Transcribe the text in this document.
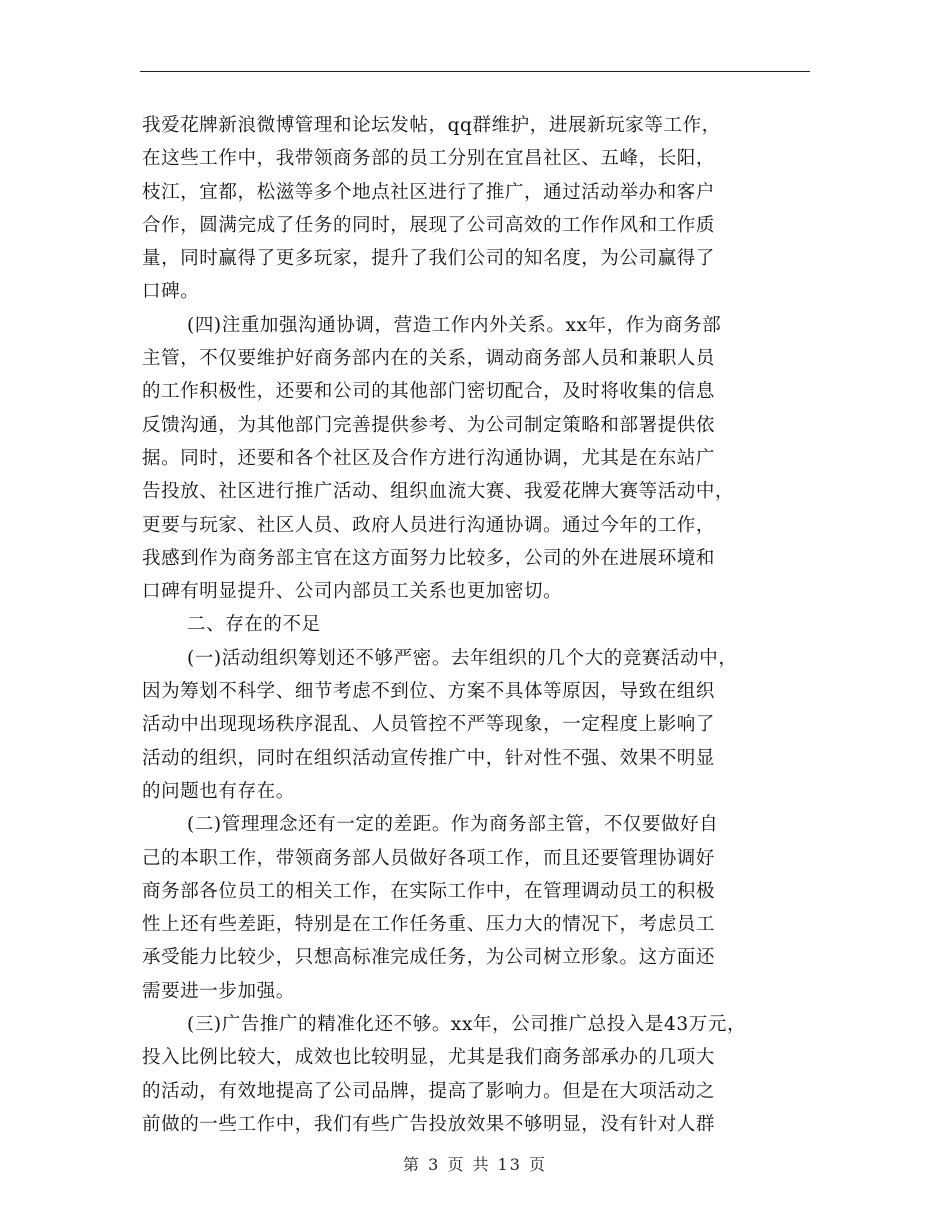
我爱花牌新浪微博管理和论坛发帖，qq群维护，进展新玩家等工作，
在这些工作中，我带领商务部的员工分别在宜昌社区、五峰，长阳，
枝江，宜都，松滋等多个地点社区进行了推广，通过活动举办和客户
合作，圆满完成了任务的同时，展现了公司高效的工作作风和工作质
量，同时赢得了更多玩家，提升了我们公司的知名度，为公司赢得了
口碑。
(四)注重加强沟通协调，营造工作内外关系。xx年，作为商务部
主管，不仅要维护好商务部内在的关系，调动商务部人员和兼职人员
的工作积极性，还要和公司的其他部门密切配合，及时将收集的信息
反馈沟通，为其他部门完善提供参考、为公司制定策略和部署提供依
据。同时，还要和各个社区及合作方进行沟通协调，尤其是在东站广
告投放、社区进行推广活动、组织血流大赛、我爱花牌大赛等活动中，
更要与玩家、社区人员、政府人员进行沟通协调。通过今年的工作，
我感到作为商务部主官在这方面努力比较多，公司的外在进展环境和
口碑有明显提升、公司内部员工关系也更加密切。
二、存在的不足
(一)活动组织筹划还不够严密。去年组织的几个大的竞赛活动中，
因为筹划不科学、细节考虑不到位、方案不具体等原因，导致在组织
活动中出现现场秩序混乱、人员管控不严等现象，一定程度上影响了
活动的组织，同时在组织活动宣传推广中，针对性不强、效果不明显
的问题也有存在。
(二)管理理念还有一定的差距。作为商务部主管，不仅要做好自
己的本职工作，带领商务部人员做好各项工作，而且还要管理协调好
商务部各位员工的相关工作，在实际工作中，在管理调动员工的积极
性上还有些差距，特别是在工作任务重、压力大的情况下，考虑员工
承受能力比较少，只想高标准完成任务，为公司树立形象。这方面还
需要进一步加强。
(三)广告推广的精准化还不够。xx年，公司推广总投入是43万元，
投入比例比较大，成效也比较明显，尤其是我们商务部承办的几项大
的活动，有效地提高了公司品牌，提高了影响力。但是在大项活动之
前做的一些工作中，我们有些广告投放效果不够明显，没有针对人群
第 3 页 共 13 页
